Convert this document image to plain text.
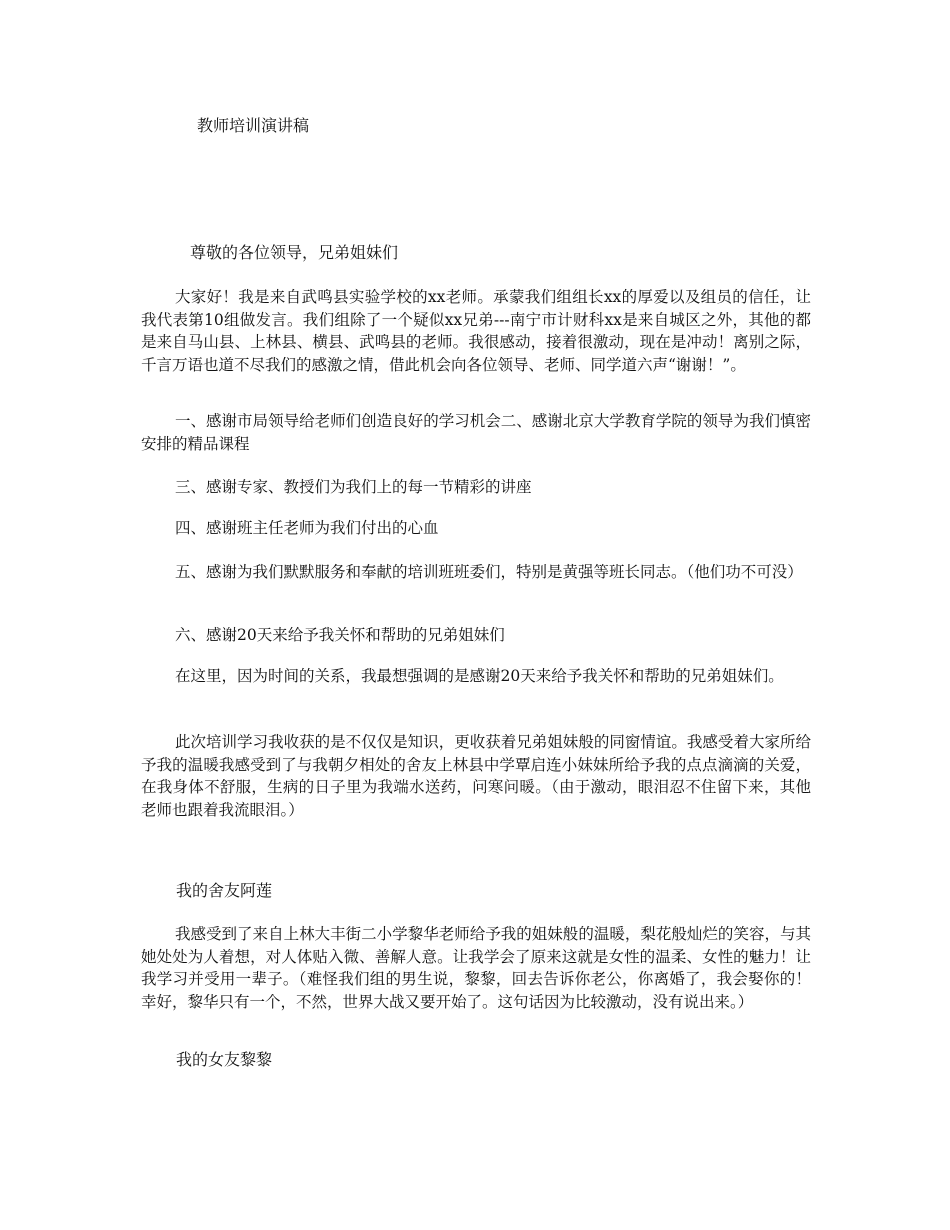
教师培训演讲稿
尊敬的各位领导，兄弟姐妹们

大家好！我是来自武鸣县实验学校的xx老师。承蒙我们组组长xx的厚爱以及组员的信任，让我代表第10组做发言。我们组除了一个疑似xx兄弟---南宁市计财科xx是来自城区之外，其他的都是来自马山县、上林县、横县、武鸣县的老师。我很感动，接着很激动，现在是冲动！离别之际，千言万语也道不尽我们的感激之情，借此机会向各位领导、老师、同学道六声“谢谢！”。

一、感谢市局领导给老师们创造良好的学习机会二、感谢北京大学教育学院的领导为我们慎密安排的精品课程

三、感谢专家、教授们为我们上的每一节精彩的讲座

四、感谢班主任老师为我们付出的心血

五、感谢为我们默默服务和奉献的培训班班委们，特别是黄强等班长同志。（他们功不可没）

六、感谢20天来给予我关怀和帮助的兄弟姐妹们

在这里，因为时间的关系，我最想强调的是感谢20天来给予我关怀和帮助的兄弟姐妹们。

此次培训学习我收获的是不仅仅是知识，更收获着兄弟姐妹般的同窗情谊。我感受着大家所给予我的温暖我感受到了与我朝夕相处的舍友上林县中学覃启连小妹妹所给予我的点点滴滴的关爱，在我身体不舒服，生病的日子里为我端水送药，问寒问暖。（由于激动，眼泪忍不住留下来，其他老师也跟着我流眼泪。）

我的舍友阿莲

我感受到了来自上林大丰街二小学黎华老师给予我的姐妹般的温暖，梨花般灿烂的笑容，与其她处处为人着想，对人体贴入微、善解人意。让我学会了原来这就是女性的温柔、女性的魅力！让我学习并受用一辈子。（难怪我们组的男生说，黎黎，回去告诉你老公，你离婚了，我会娶你的！幸好，黎华只有一个，不然，世界大战又要开始了。这句话因为比较激动，没有说出来。）

我的女友黎黎
